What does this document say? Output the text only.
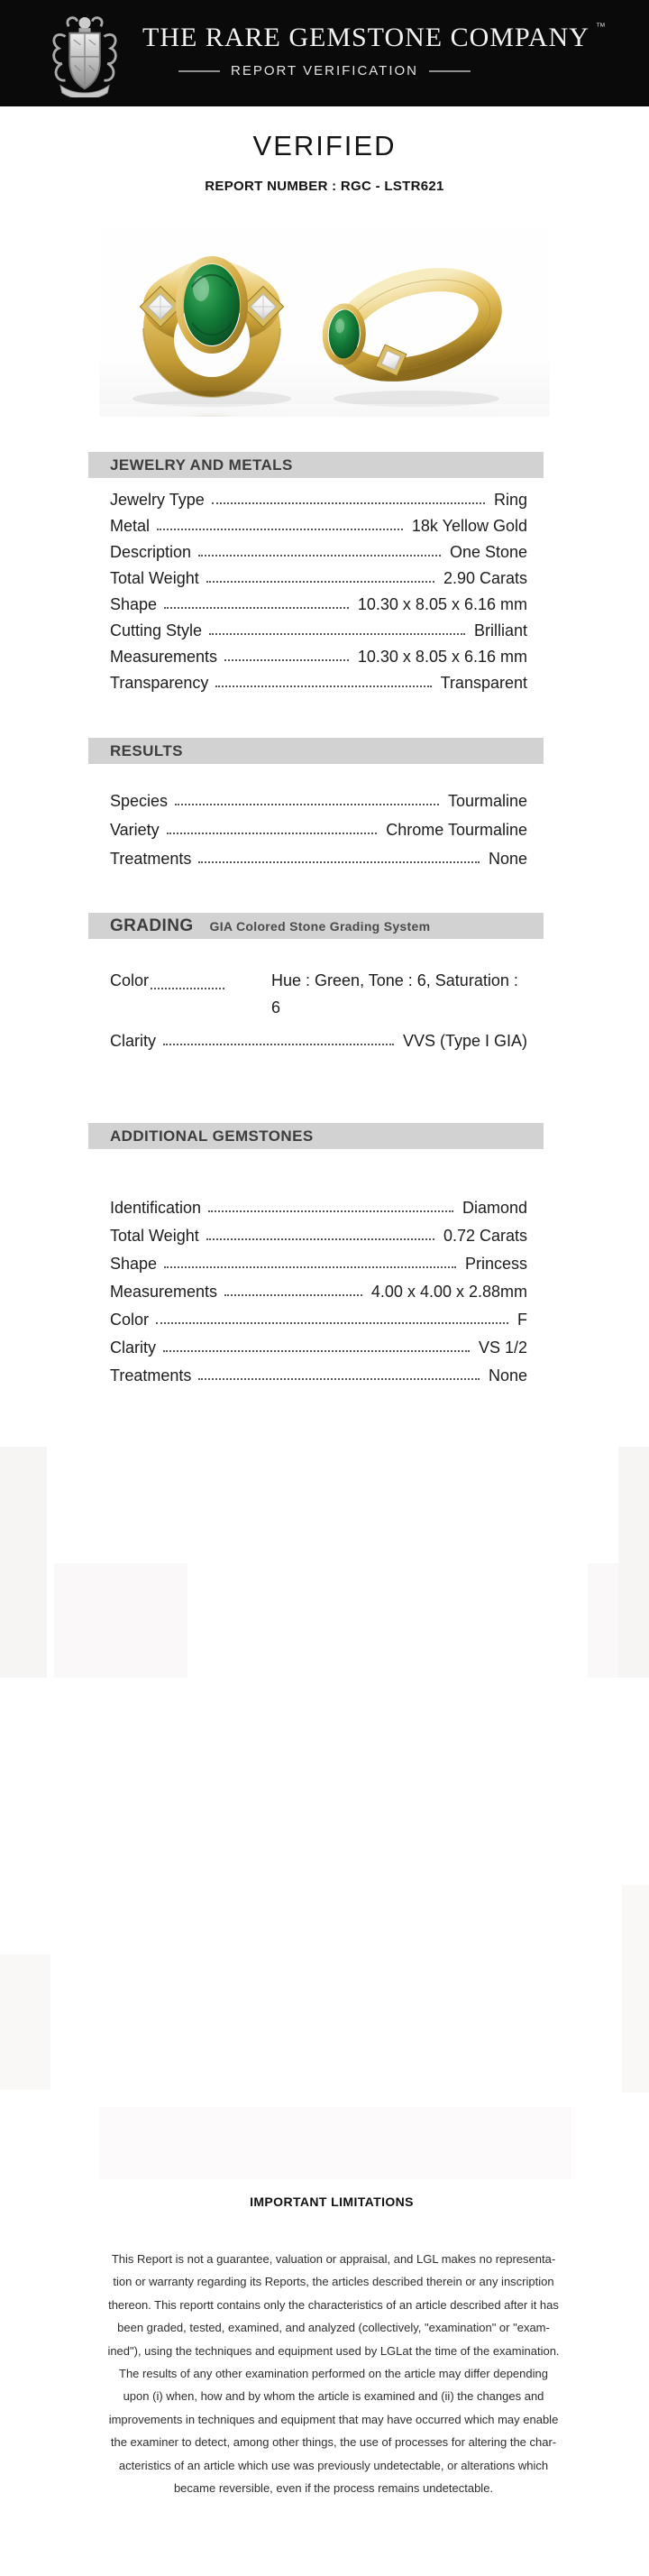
THE RARE GEMSTONE COMPANY ™
REPORT VERIFICATION
VERIFIED
REPORT NUMBER : RGC - LSTR621
JEWELRY AND METALS
Jewelry Type	Ring
Metal	18k Yellow Gold
Description	One Stone
Total Weight	2.90 Carats
Shape	10.30 x 8.05 x 6.16 mm
Cutting Style	Brilliant
Measurements	10.30 x 8.05 x 6.16 mm
Transparency	Transparent
RESULTS
Species	Tourmaline
Variety	Chrome Tourmaline
Treatments	None
GRADING GIA Colored Stone Grading System
Color	Hue : Green, Tone : 6, Saturation :
6
Clarity	VVS (Type I GIA)
ADDITIONAL GEMSTONES
Identification	Diamond
Total Weight	0.72 Carats
Shape	Princess
Measurements	4.00 x 4.00 x 2.88mm
Color	F
Clarity	VS 1/2
Treatments	None
IMPORTANT LIMITATIONS
This Report is not a guarantee, valuation or appraisal, and LGL makes no representa-
tion or warranty regarding its Reports, the articles described therein or any inscription
thereon. This reportt contains only the characteristics of an article described after it has
been graded, tested, examined, and analyzed (collectively, "examination" or "exam-
ined"), using the techniques and equipment used by LGLat the time of the examination.
The results of any other examination performed on the article may differ depending
upon (i) when, how and by whom the article is examined and (ii) the changes and
improvements in techniques and equipment that may have occurred which may enable
the examiner to detect, among other things, the use of processes for altering the char-
acteristics of an article which use was previously undetectable, or alterations which
became reversible, even if the process remains undetectable.
